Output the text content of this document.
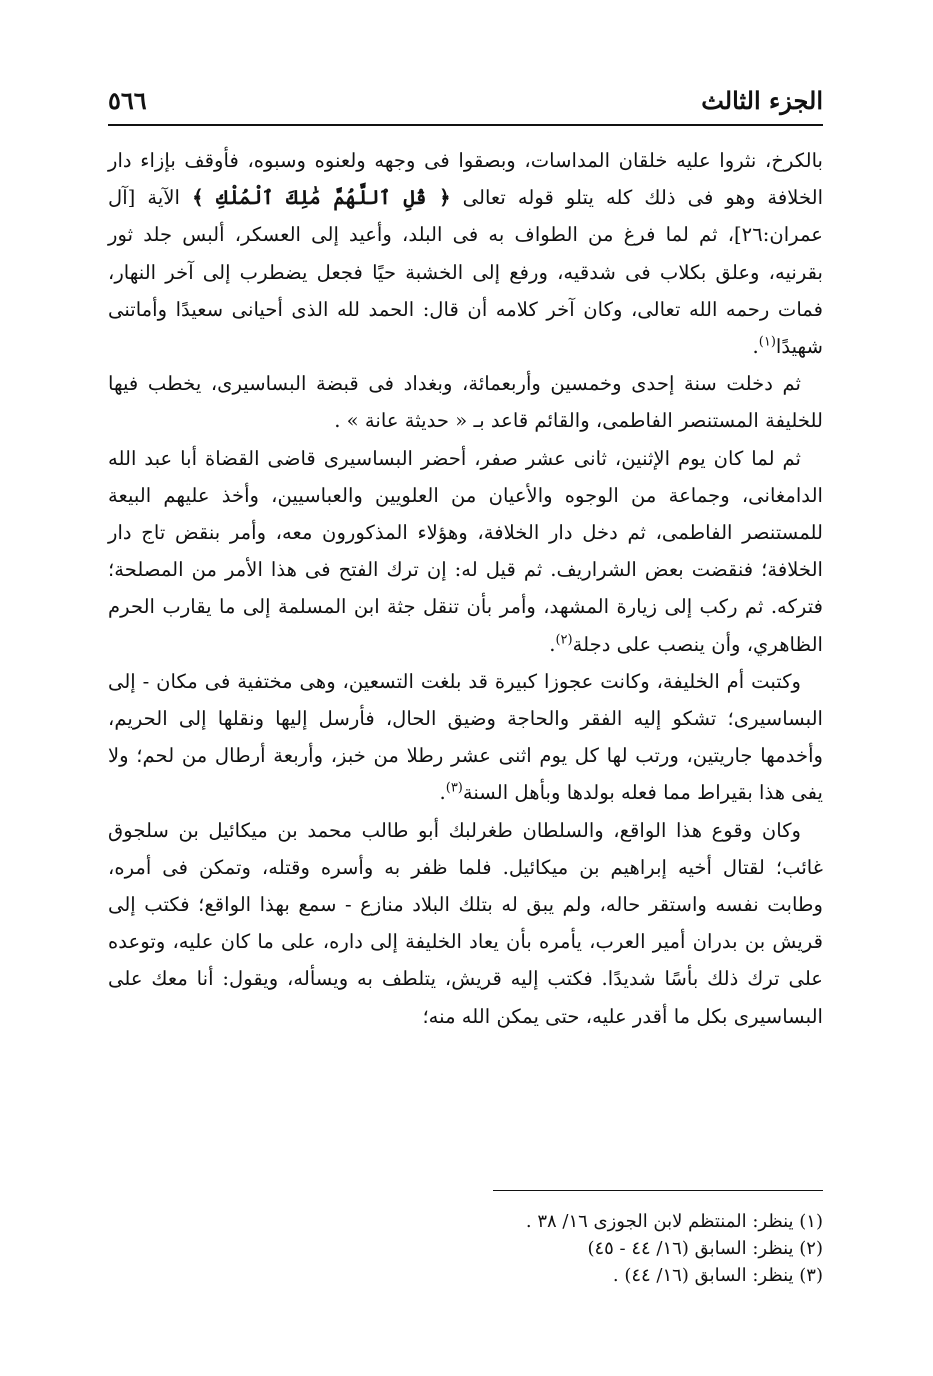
الجزء الثالث
٥٦٦

بالكرخ، نثروا عليه خلقان المداسات، وبصقوا فى وجهه ولعنوه وسبوه، فأوقف بإزاء دار الخلافة وهو فى ذلك كله يتلو قوله تعالى ﴿ قُلِ ٱللَّهُمَّ مَٰلِكَ ٱلْمُلْكِ ﴾ الآية [آل عمران:٢٦]، ثم لما فرغ من الطواف به فى البلد، وأعيد إلى العسكر، ألبس جلد ثور بقرنيه، وعلق بكلاب فى شدقيه، ورفع إلى الخشبة حيًا فجعل يضطرب إلى آخر النهار، فمات رحمه الله تعالى، وكان آخر كلامه أن قال: الحمد لله الذى أحيانى سعيدًا وأماتنى شهيدًا$^{(١)}$.

ثم دخلت سنة إحدى وخمسين وأربعمائة، وبغداد فى قبضة البساسيرى، يخطب فيها للخليفة المستنصر الفاطمى، والقائم قاعد بـ « حديثة عانة » .

ثم لما كان يوم الإثنين، ثانى عشر صفر، أحضر البساسيرى قاضى القضاة أبا عبد الله الدامغانى، وجماعة من الوجوه والأعيان من العلويين والعباسيين، وأخذ عليهم البيعة للمستنصر الفاطمى، ثم دخل دار الخلافة، وهؤلاء المذكورون معه، وأمر بنقض تاج دار الخلافة؛ فنقضت بعض الشراريف. ثم قيل له: إن ترك الفتح فى هذا الأمر من المصلحة؛ فتركه. ثم ركب إلى زيارة المشهد، وأمر بأن تنقل جثة ابن المسلمة إلى ما يقارب الحرم الظاهري، وأن ينصب على دجلة$^{(٢)}$.

وكتبت أم الخليفة، وكانت عجوزا كبيرة قد بلغت التسعين، وهى مختفية فى مكان - إلى البساسيرى؛ تشكو إليه الفقر والحاجة وضيق الحال، فأرسل إليها ونقلها إلى الحريم، وأخدمها جاريتين، ورتب لها كل يوم اثنى عشر رطلا من خبز، وأربعة أرطال من لحم؛ ولا يفى هذا بقيراط مما فعله بولدها وبأهل السنة$^{(٣)}$.

وكان وقوع هذا الواقع، والسلطان طغرلبك أبو طالب محمد بن ميكائيل بن سلجوق غائب؛ لقتال أخيه إبراهيم بن ميكائيل. فلما ظفر به وأسره وقتله، وتمكن فى أمره، وطابت نفسه واستقر حاله، ولم يبق له بتلك البلاد منازع - سمع بهذا الواقع؛ فكتب إلى قريش بن بدران أمير العرب، يأمره بأن يعاد الخليفة إلى داره، على ما كان عليه، وتوعده على ترك ذلك بأسًا شديدًا. فكتب إليه قريش، يتلطف به ويسأله، ويقول: أنا معك على البساسيرى بكل ما أقدر عليه، حتى يمكن الله منه؛

(١) ينظر: المنتظم لابن الجوزى ١٦/ ٣٨ .
(٢) ينظر: السابق (١٦/ ٤٤ - ٤٥)
(٣) ينظر: السابق (١٦/ ٤٤) .
